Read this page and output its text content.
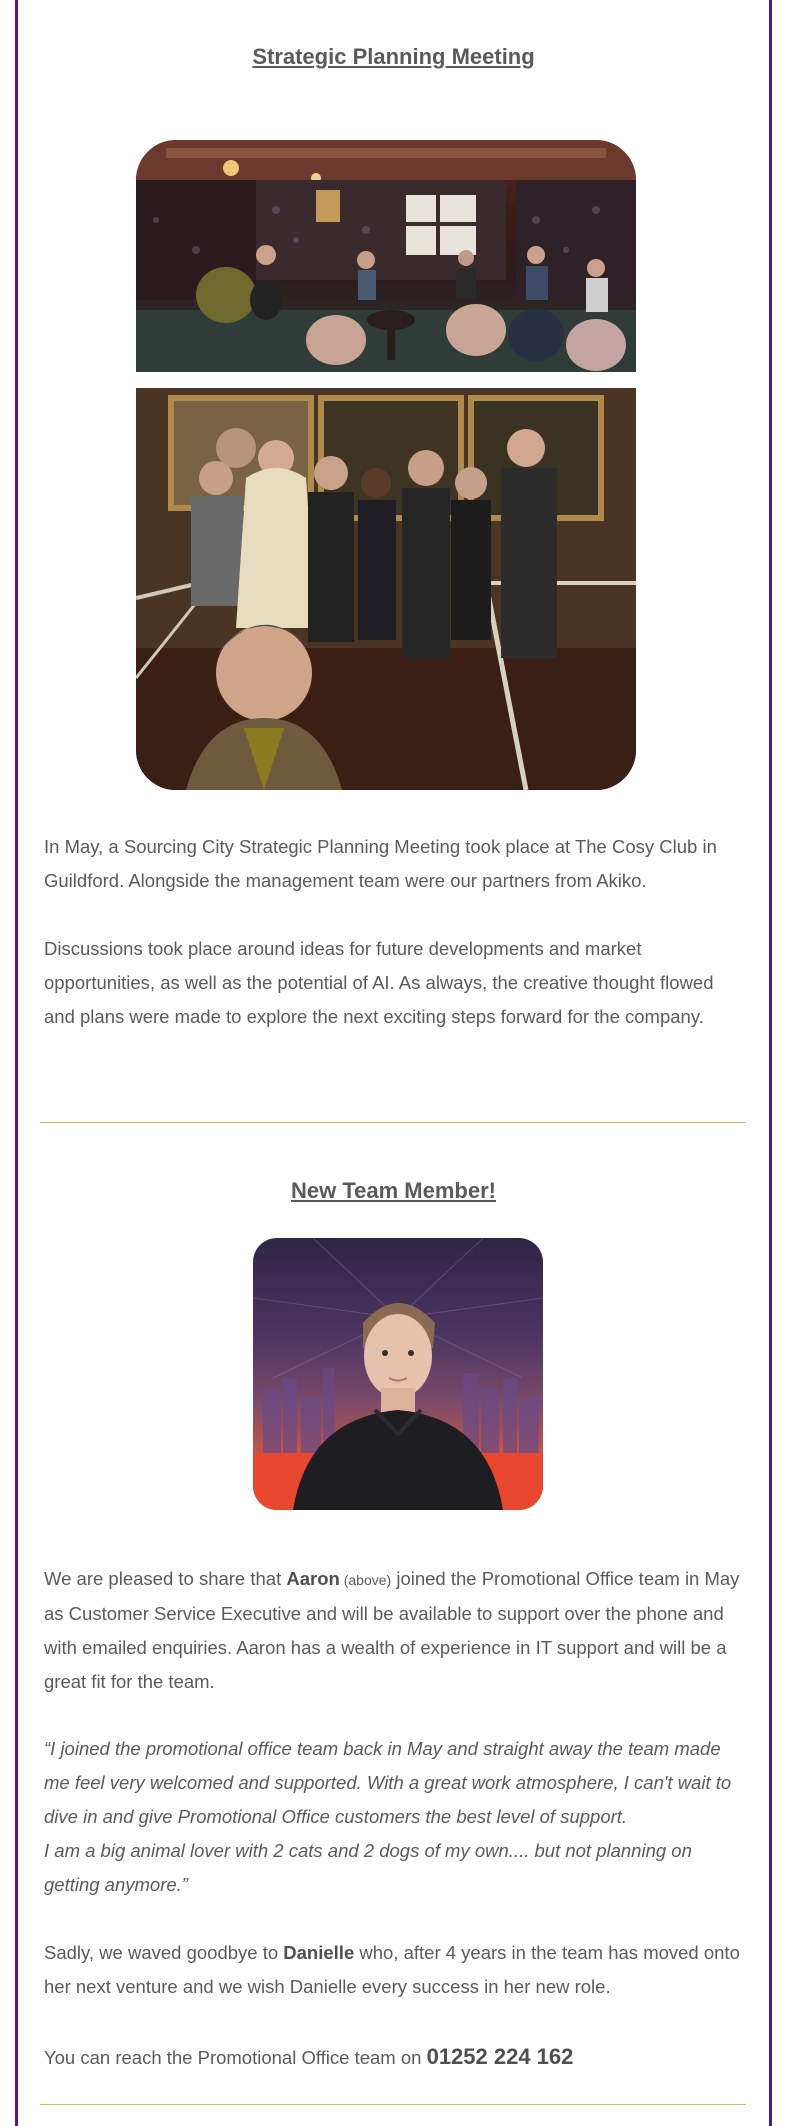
Strategic Planning Meeting
In May, a Sourcing City Strategic Planning Meeting took place at The Cosy Club in Guildford. Alongside the management team were our partners from Akiko.
Discussions took place around ideas for future developments and market opportunities, as well as the potential of AI. As always, the creative thought flowed and plans were made to explore the next exciting steps forward for the company.
New Team Member!
We are pleased to share that Aaron (above) joined the Promotional Office team in May as Customer Service Executive and will be available to support over the phone and with emailed enquiries. Aaron has a wealth of experience in IT support and will be a great fit for the team.
“I joined the promotional office team back in May and straight away the team made me feel very welcomed and supported. With a great work atmosphere, I can't wait to dive in and give Promotional Office customers the best level of support.
I am a big animal lover with 2 cats and 2 dogs of my own.... but not planning on getting anymore.”
Sadly, we waved goodbye to Danielle who, after 4 years in the team has moved onto her next venture and we wish Danielle every success in her new role.
You can reach the Promotional Office team on 01252 224 162
